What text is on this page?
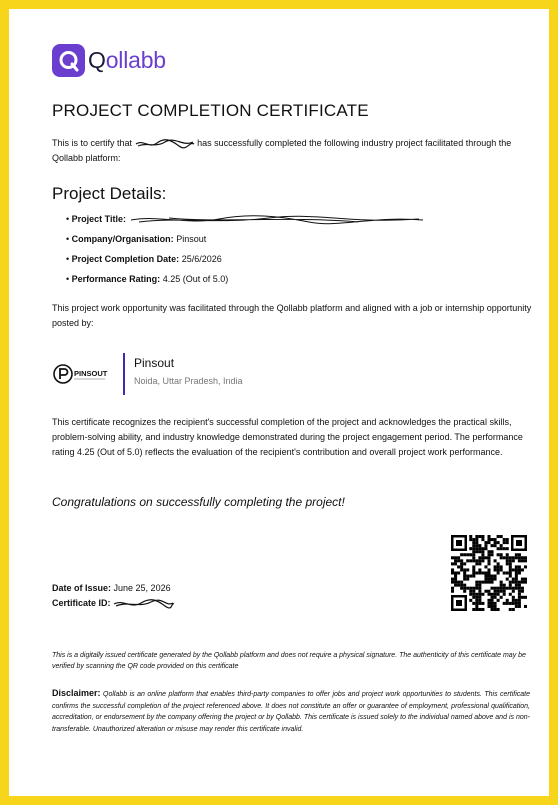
Qollabb
PROJECT COMPLETION CERTIFICATE
This is to certify that	has successfully completed the following industry project facilitated through the Qollabb platform:
Project Details:
• Project Title:
• Company/Organisation: Pinsout
• Project Completion Date: 25/6/2026
• Performance Rating: 4.25 (Out of 5.0)
This project work opportunity was facilitated through the Qollabb platform and aligned with a job or internship opportunity posted by:
PINSOUT
Pinsout
Noida, Uttar Pradesh, India
This certificate recognizes the recipient's successful completion of the project and acknowledges the practical skills, problem-solving ability, and industry knowledge demonstrated during the project engagement period. The performance rating 4.25 (Out of 5.0) reflects the evaluation of the recipient's contribution and overall project work performance.
Congratulations on successfully completing the project!
Date of Issue: June 25, 2026
Certificate ID:
This is a digitally issued certificate generated by the Qollabb platform and does not require a physical signature. The authenticity of this certificate may be verified by scanning the QR code provided on this certificate
Disclaimer: Qollabb is an online platform that enables third-party companies to offer jobs and project work opportunities to students. This certificate confirms the successful completion of the project referenced above. It does not constitute an offer or guarantee of employment, professional qualification, accreditation, or endorsement by the company offering the project or by Qollabb. This certificate is issued solely to the individual named above and is non-transferable. Unauthorized alteration or misuse may render this certificate invalid.
